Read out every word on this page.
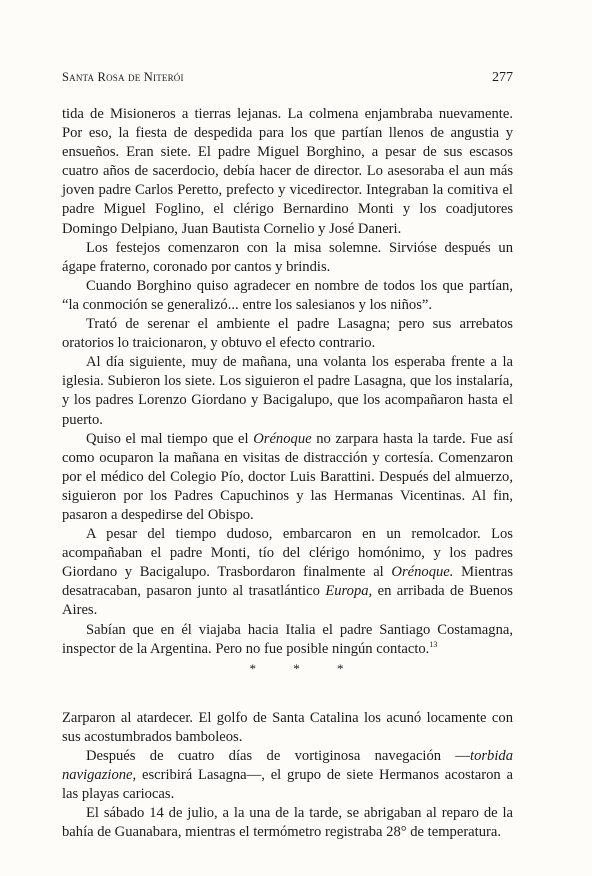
Santa Rosa de Niterói	277

tida de Misioneros a tierras lejanas. La colmena enjambraba nuevamente. Por eso, la fiesta de despedida para los que partían llenos de angustia y ensueños. Eran siete. El padre Miguel Borghino, a pesar de sus escasos cuatro años de sacerdocio, debía hacer de director. Lo asesoraba el aun más joven padre Carlos Peretto, prefecto y vicedirector. Integraban la comitiva el padre Miguel Foglino, el clérigo Bernardino Monti y los coadjutores Domingo Delpiano, Juan Bautista Cornelio y José Daneri.

Los festejos comenzaron con la misa solemne. Sirvióse después un ágape fraterno, coronado por cantos y brindis.

Cuando Borghino quiso agradecer en nombre de todos los que partían, “la conmoción se generalizó... entre los salesianos y los niños”.

Trató de serenar el ambiente el padre Lasagna; pero sus arrebatos oratorios lo traicionaron, y obtuvo el efecto contrario.

Al día siguiente, muy de mañana, una volanta los esperaba frente a la iglesia. Subieron los siete. Los siguieron el padre Lasagna, que los instalaría, y los padres Lorenzo Giordano y Bacigalupo, que los acompañaron hasta el puerto.

Quiso el mal tiempo que el Orénoque no zarpara hasta la tarde. Fue así como ocuparon la mañana en visitas de distracción y cortesía. Comenzaron por el médico del Colegio Pío, doctor Luis Barattini. Después del almuerzo, siguieron por los Padres Capuchinos y las Hermanas Vicentinas. Al fin, pasaron a despedirse del Obispo.

A pesar del tiempo dudoso, embarcaron en un remolcador. Los acompañaban el padre Monti, tío del clérigo homónimo, y los padres Giordano y Bacigalupo. Trasbordaron finalmente al Orénoque. Mientras desatracaban, pasaron junto al trasatlántico Europa, en arribada de Buenos Aires.

Sabían que en él viajaba hacia Italia el padre Santiago Costamagna, inspector de la Argentina. Pero no fue posible ningún contacto.$^{13}$

* * *

Zarparon al atardecer. El golfo de Santa Catalina los acunó locamente con sus acostumbrados bamboleos.

Después de cuatro días de vortiginosa navegación —torbida navigazione, escribirá Lasagna—, el grupo de siete Hermanos acostaron a las playas cariocas.

El sábado 14 de julio, a la una de la tarde, se abrigaban al reparo de la bahía de Guanabara, mientras el termómetro registraba 28° de temperatura.
